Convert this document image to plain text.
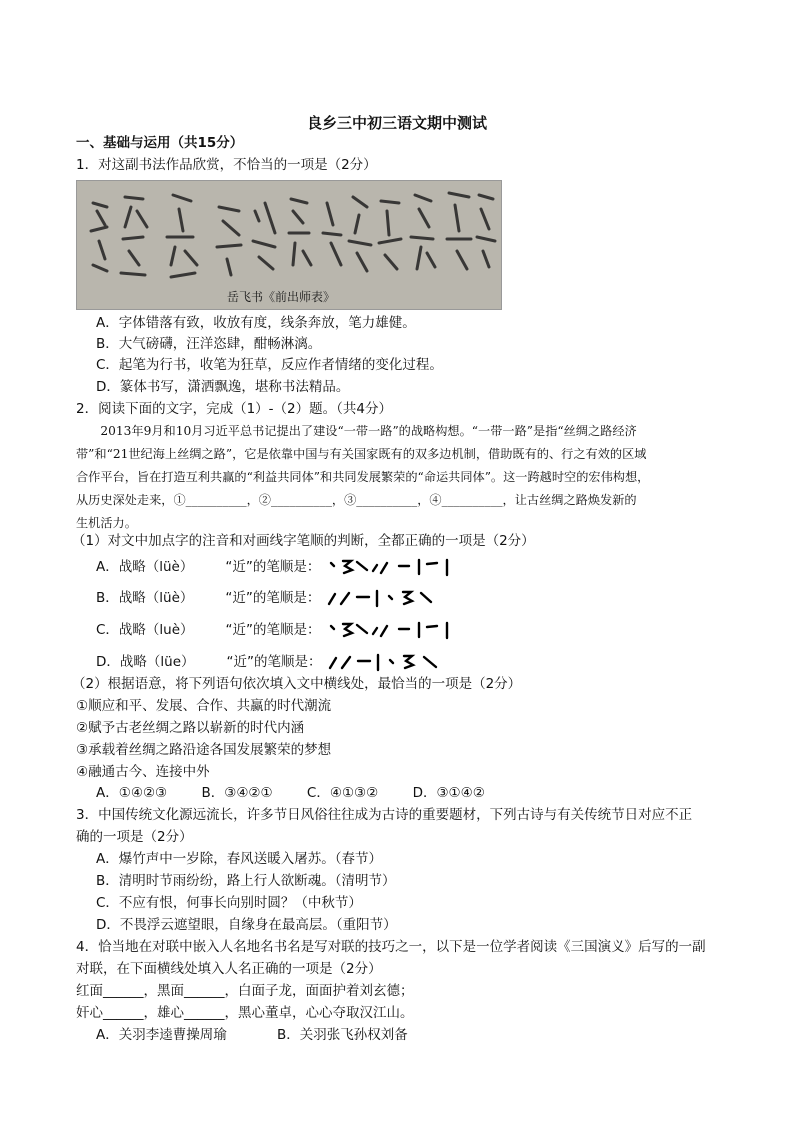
良乡三中初三语文期中测试
一、基础与运用（共15分）
1．对这副书法作品欣赏，不恰当的一项是（2分）
岳飞书《前出师表》
A．字体错落有致，收放有度，线条奔放，笔力雄健。
B．大气磅礴，汪洋恣肆，酣畅淋漓。
C．起笔为行书，收笔为狂草，反应作者情绪的变化过程。
D．篆体书写，潇洒飘逸，堪称书法精品。
2．阅读下面的文字，完成（1）-（2）题。（共4分）
　　2013年9月和10月习近平总书记提出了建设“一带一路”的战略构想。“一带一路”是指“丝绸之路经济
带”和“21世纪海上丝绸之路”，它是依靠中国与有关国家既有的双多边机制，借助既有的、行之有效的区域
合作平台，旨在打造互利共赢的“利益共同体”和共同发展繁荣的“命运共同体”。这一跨越时空的宏伟构想，
从历史深处走来，①__________，②__________，③__________，④__________，让古丝绸之路焕发新的
生机活力。
（1）对文中加点字的注音和对画线字笔顺的判断，全都正确的一项是（2分）
A．战略（lüè） “近”的笔顺是：
B．战略（lüè） “近”的笔顺是：
C．战略（luè） “近”的笔顺是：
D．战略（lüe） “近”的笔顺是：
（2）根据语意，将下列语句依次填入文中横线处，最恰当的一项是（2分）
①顺应和平、发展、合作、共赢的时代潮流
②赋予古老丝绸之路以崭新的时代内涵
③承载着丝绸之路沿途各国发展繁荣的梦想
④融通古今、连接中外
A．①④②③	B．③④②①	C．④①③②	D．③①④②
3．中国传统文化源远流长，许多节日风俗往往成为古诗的重要题材，下列古诗与有关传统节日对应不正
确的一项是（2分）
A．爆竹声中一岁除，春风送暖入屠苏。（春节）
B．清明时节雨纷纷，路上行人欲断魂。（清明节）
C．不应有恨，何事长向别时圆？（中秋节）
D．不畏浮云遮望眼，自缘身在最高层。（重阳节）
4．恰当地在对联中嵌入人名地名书名是写对联的技巧之一，以下是一位学者阅读《三国演义》后写的一副
对联，在下面横线处填入人名正确的一项是（2分）
红面______，黑面______，白面子龙，面面护着刘玄德；
奸心______，雄心______，黑心董卓，心心夺取汉江山。
A．关羽李逵曹操周瑜	B．关羽张飞孙权刘备
